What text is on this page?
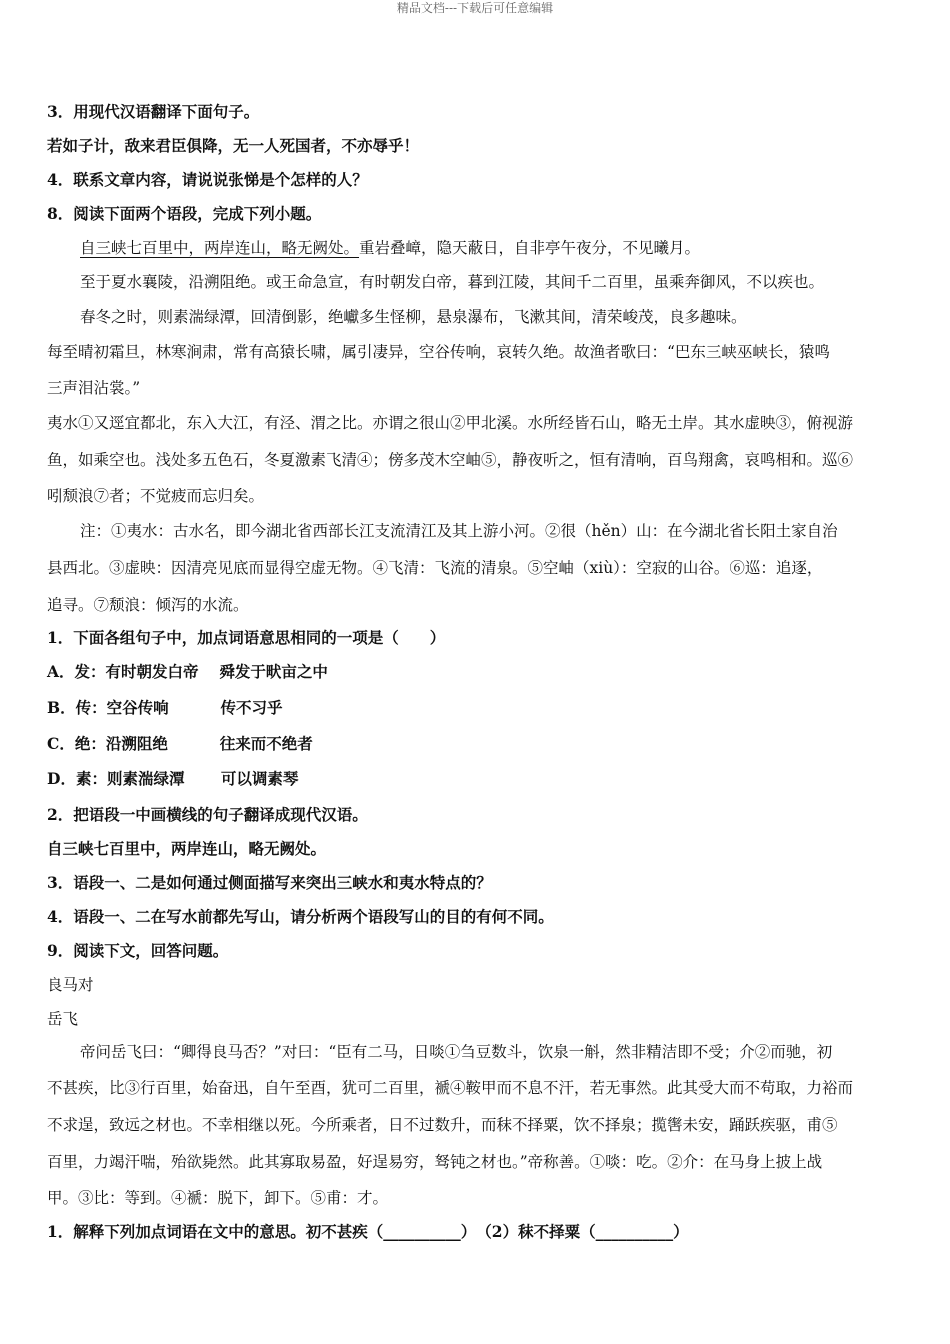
精品文档---下载后可任意编辑
3．用现代汉语翻译下面句子。
若如子计，敌来君臣俱降，无一人死国者，不亦辱乎！
4．联系文章内容，请说说张悌是个怎样的人？
8．阅读下面两个语段，完成下列小题。
自三峡七百里中，两岸连山，略无阙处。重岩叠嶂，隐天蔽日，自非亭午夜分，不见曦月。
至于夏水襄陵，沿溯阻绝。或王命急宣，有时朝发白帝，暮到江陵，其间千二百里，虽乘奔御风，不以疾也。
春冬之时，则素湍绿潭，回清倒影，绝巘多生怪柳，悬泉瀑布，飞漱其间，清荣峻茂，良多趣味。
每至晴初霜旦，林寒涧肃，常有高猿长啸，属引凄异，空谷传响，哀转久绝。故渔者歌曰：“巴东三峡巫峡长，猿鸣
三声泪沾裳。”
夷水①又逕宜都北，东入大江，有泾、渭之比。亦谓之很山②甲北溪。水所经皆石山，略无土岸。其水虚映③，俯视游
鱼，如乘空也。浅处多五色石，冬夏激素飞清④；傍多茂木空岫⑤，静夜听之，恒有清响，百鸟翔禽，哀鸣相和。巡⑥
吲颓浪⑦者；不觉疲而忘归矣。
注：①夷水：古水名，即今湖北省西部长江支流清江及其上游小河。②很（hěn）山：在今湖北省长阳土家自治
县西北。③虚映：因清亮见底而显得空虚无物。④飞清：飞流的清泉。⑤空岫（xiù）：空寂的山谷。⑥巡：追逐，
追寻。⑦颓浪：倾泻的水流。
1．下面各组句子中，加点词语意思相同的一项是（　　）
A．发：有时朝发白帝　 舜发于畎亩之中
B．传：空谷传响　　　 传不习乎
C．绝：沿溯阻绝　　　 往来而不绝者
D．素：则素湍绿潭　　 可以调素琴
2．把语段一中画横线的句子翻译成现代汉语。
自三峡七百里中，两岸连山，略无阙处。
3．语段一、二是如何通过侧面描写来突出三峡水和夷水特点的？
4．语段一、二在写水前都先写山，请分析两个语段写山的目的有何不同。
9．阅读下文，回答问题。
良马对
岳飞
帝问岳飞曰：“卿得良马否？”对曰：“臣有二马，日啖①刍豆数斗，饮泉一斛，然非精洁即不受；介②而驰，初
不甚疾，比③行百里，始奋迅，自午至酉，犹可二百里，褫④鞍甲而不息不汗，若无事然。此其受大而不苟取，力裕而
不求逞，致远之材也。不幸相继以死。今所乘者，日不过数升，而秣不择粟，饮不择泉；揽辔未安，踊跃疾驱，甫⑤
百里，力竭汗喘，殆欲毙然。此其寡取易盈，好逞易穷，驽钝之材也。”帝称善。①啖：吃。②介：在马身上披上战
甲。③比：等到。④褫：脱下，卸下。⑤甫：才。
1．解释下列加点词语在文中的意思。初不甚疾（__________）　（2）秣不择粟（__________）
